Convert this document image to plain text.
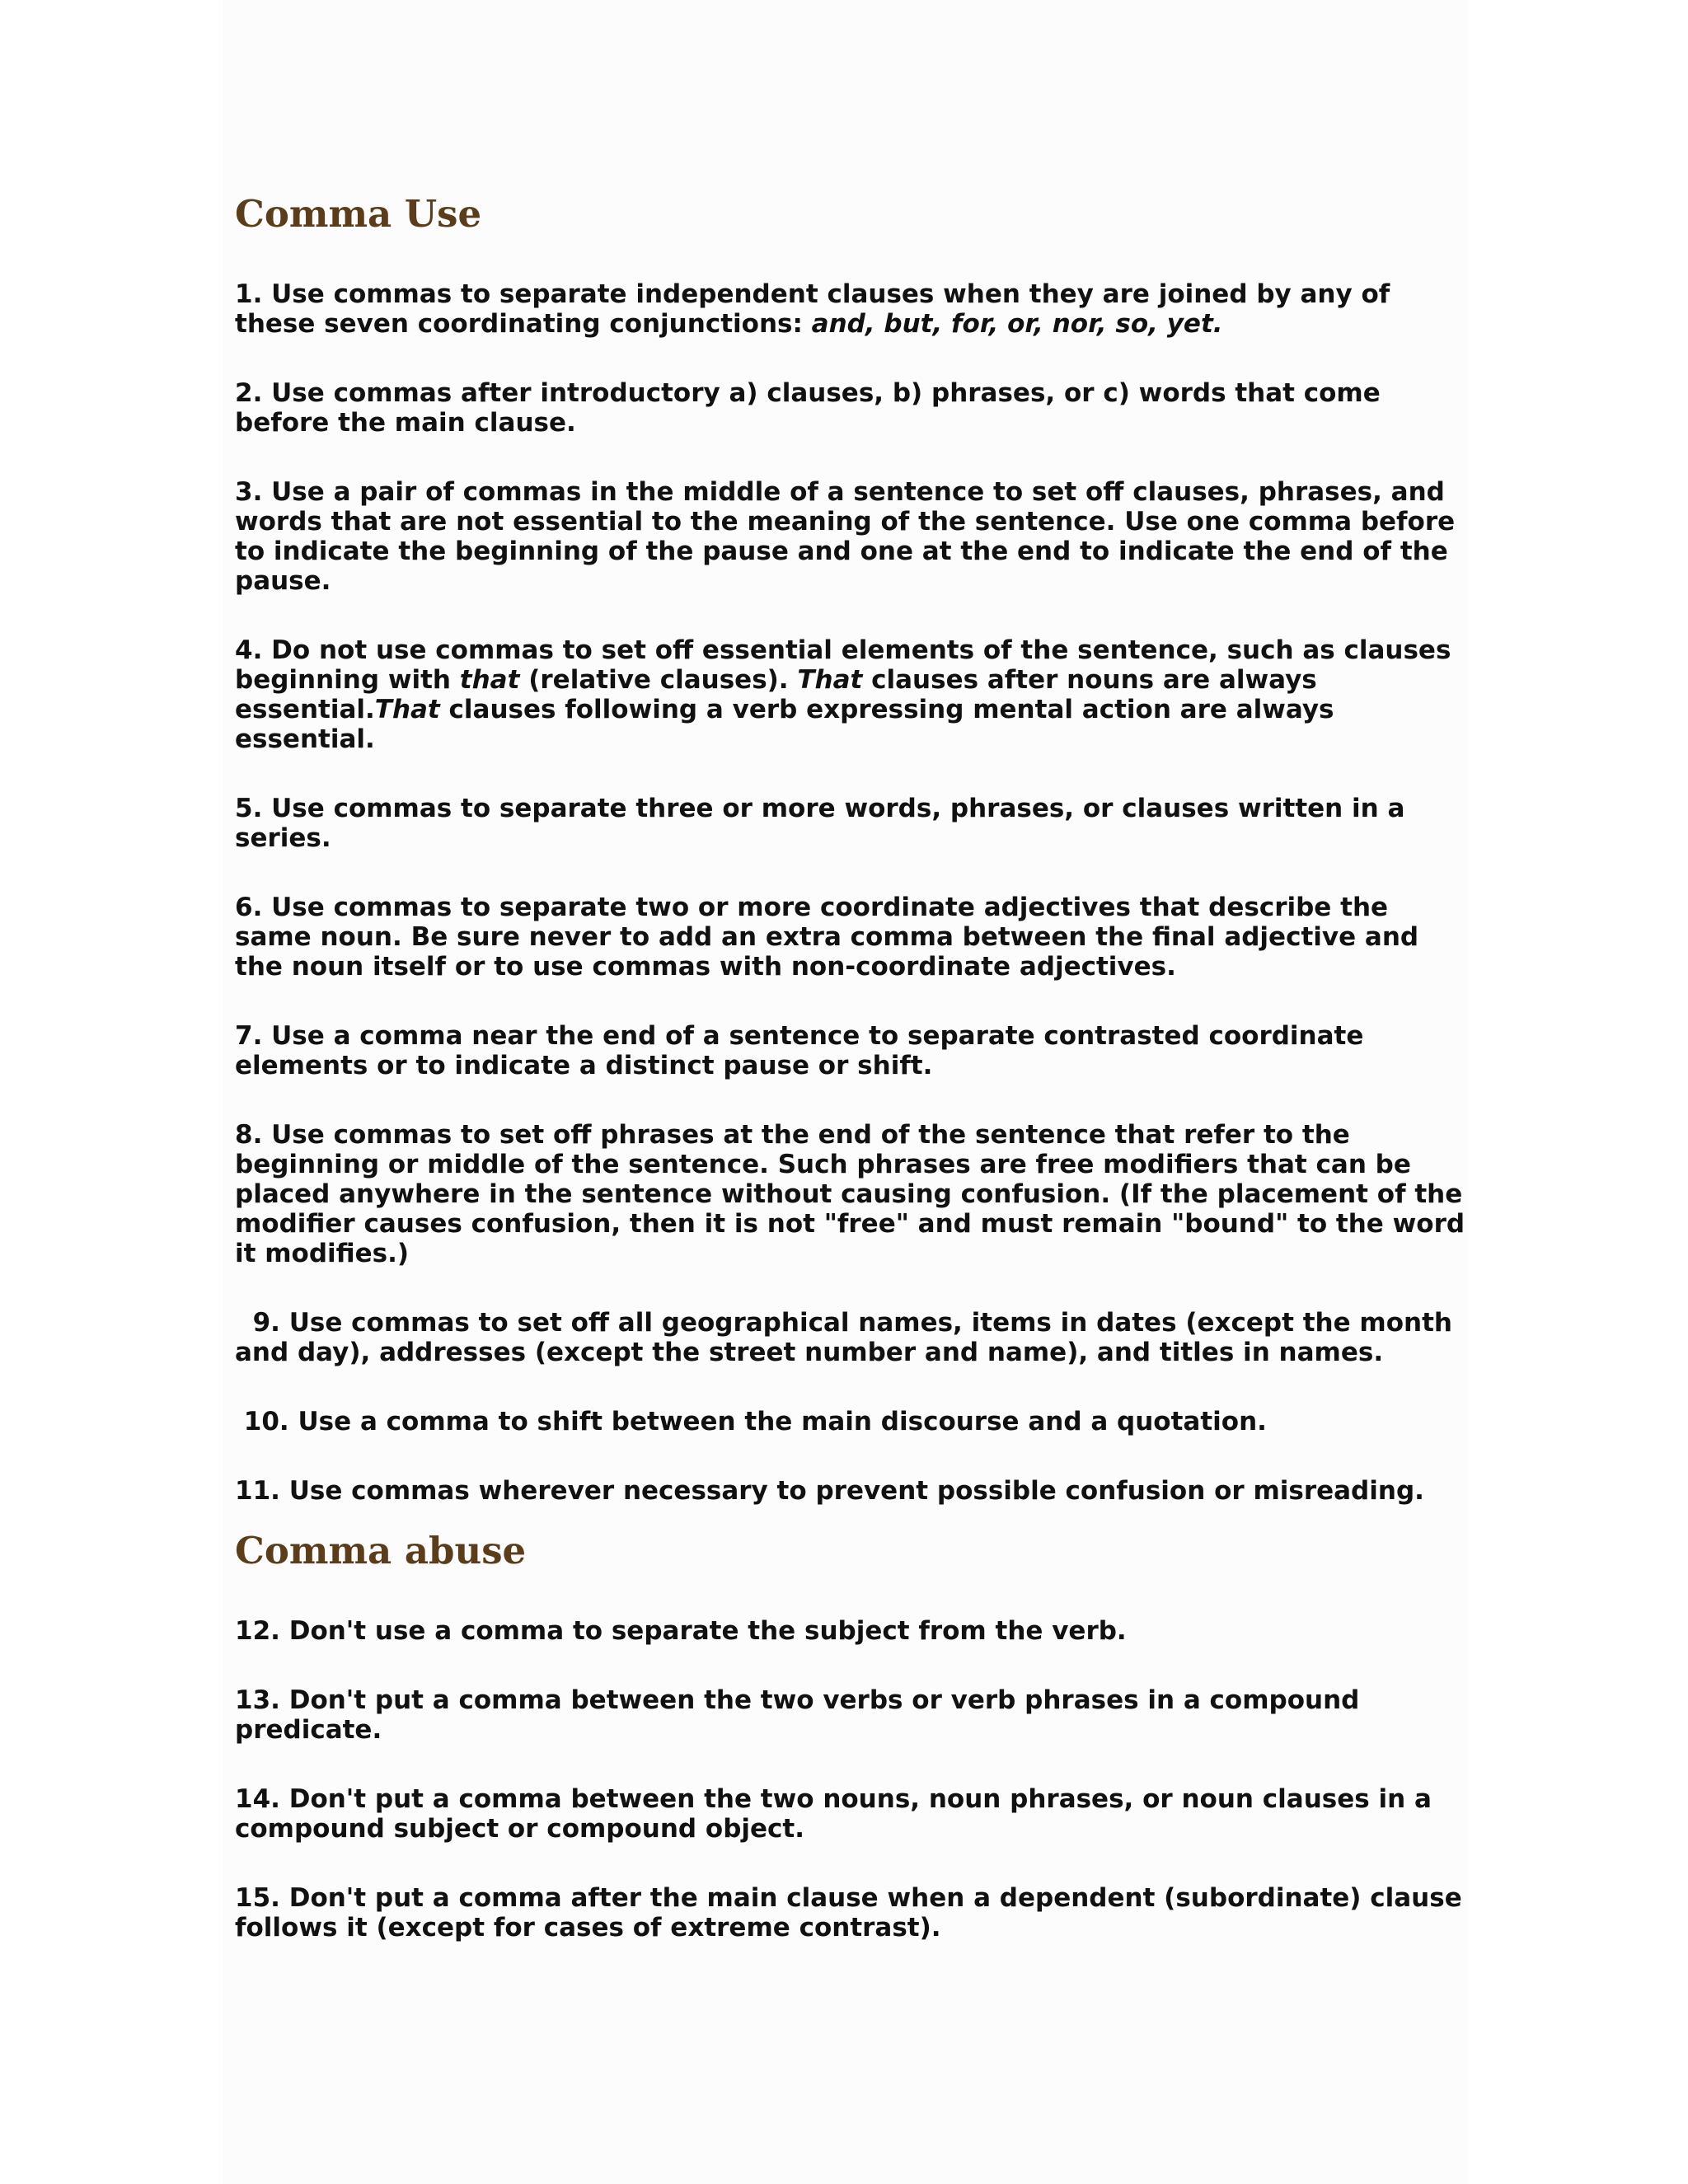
Comma Use

1. Use commas to separate independent clauses when they are joined by any of these seven coordinating conjunctions: and, but, for, or, nor, so, yet.

2. Use commas after introductory a) clauses, b) phrases, or c) words that come before the main clause.

3. Use a pair of commas in the middle of a sentence to set off clauses, phrases, and words that are not essential to the meaning of the sentence. Use one comma before to indicate the beginning of the pause and one at the end to indicate the end of the pause.

4. Do not use commas to set off essential elements of the sentence, such as clauses beginning with that (relative clauses). That clauses after nouns are always essential.That clauses following a verb expressing mental action are always essential.

5. Use commas to separate three or more words, phrases, or clauses written in a series.

6. Use commas to separate two or more coordinate adjectives that describe the same noun. Be sure never to add an extra comma between the final adjective and the noun itself or to use commas with non-coordinate adjectives.

7. Use a comma near the end of a sentence to separate contrasted coordinate elements or to indicate a distinct pause or shift.

8. Use commas to set off phrases at the end of the sentence that refer to the beginning or middle of the sentence. Such phrases are free modifiers that can be placed anywhere in the sentence without causing confusion. (If the placement of the modifier causes confusion, then it is not "free" and must remain "bound" to the word it modifies.)

9. Use commas to set off all geographical names, items in dates (except the month and day), addresses (except the street number and name), and titles in names.

10. Use a comma to shift between the main discourse and a quotation.

11. Use commas wherever necessary to prevent possible confusion or misreading.

Comma abuse

12. Don't use a comma to separate the subject from the verb.

13. Don't put a comma between the two verbs or verb phrases in a compound predicate.

14. Don't put a comma between the two nouns, noun phrases, or noun clauses in a compound subject or compound object.

15. Don't put a comma after the main clause when a dependent (subordinate) clause follows it (except for cases of extreme contrast).
